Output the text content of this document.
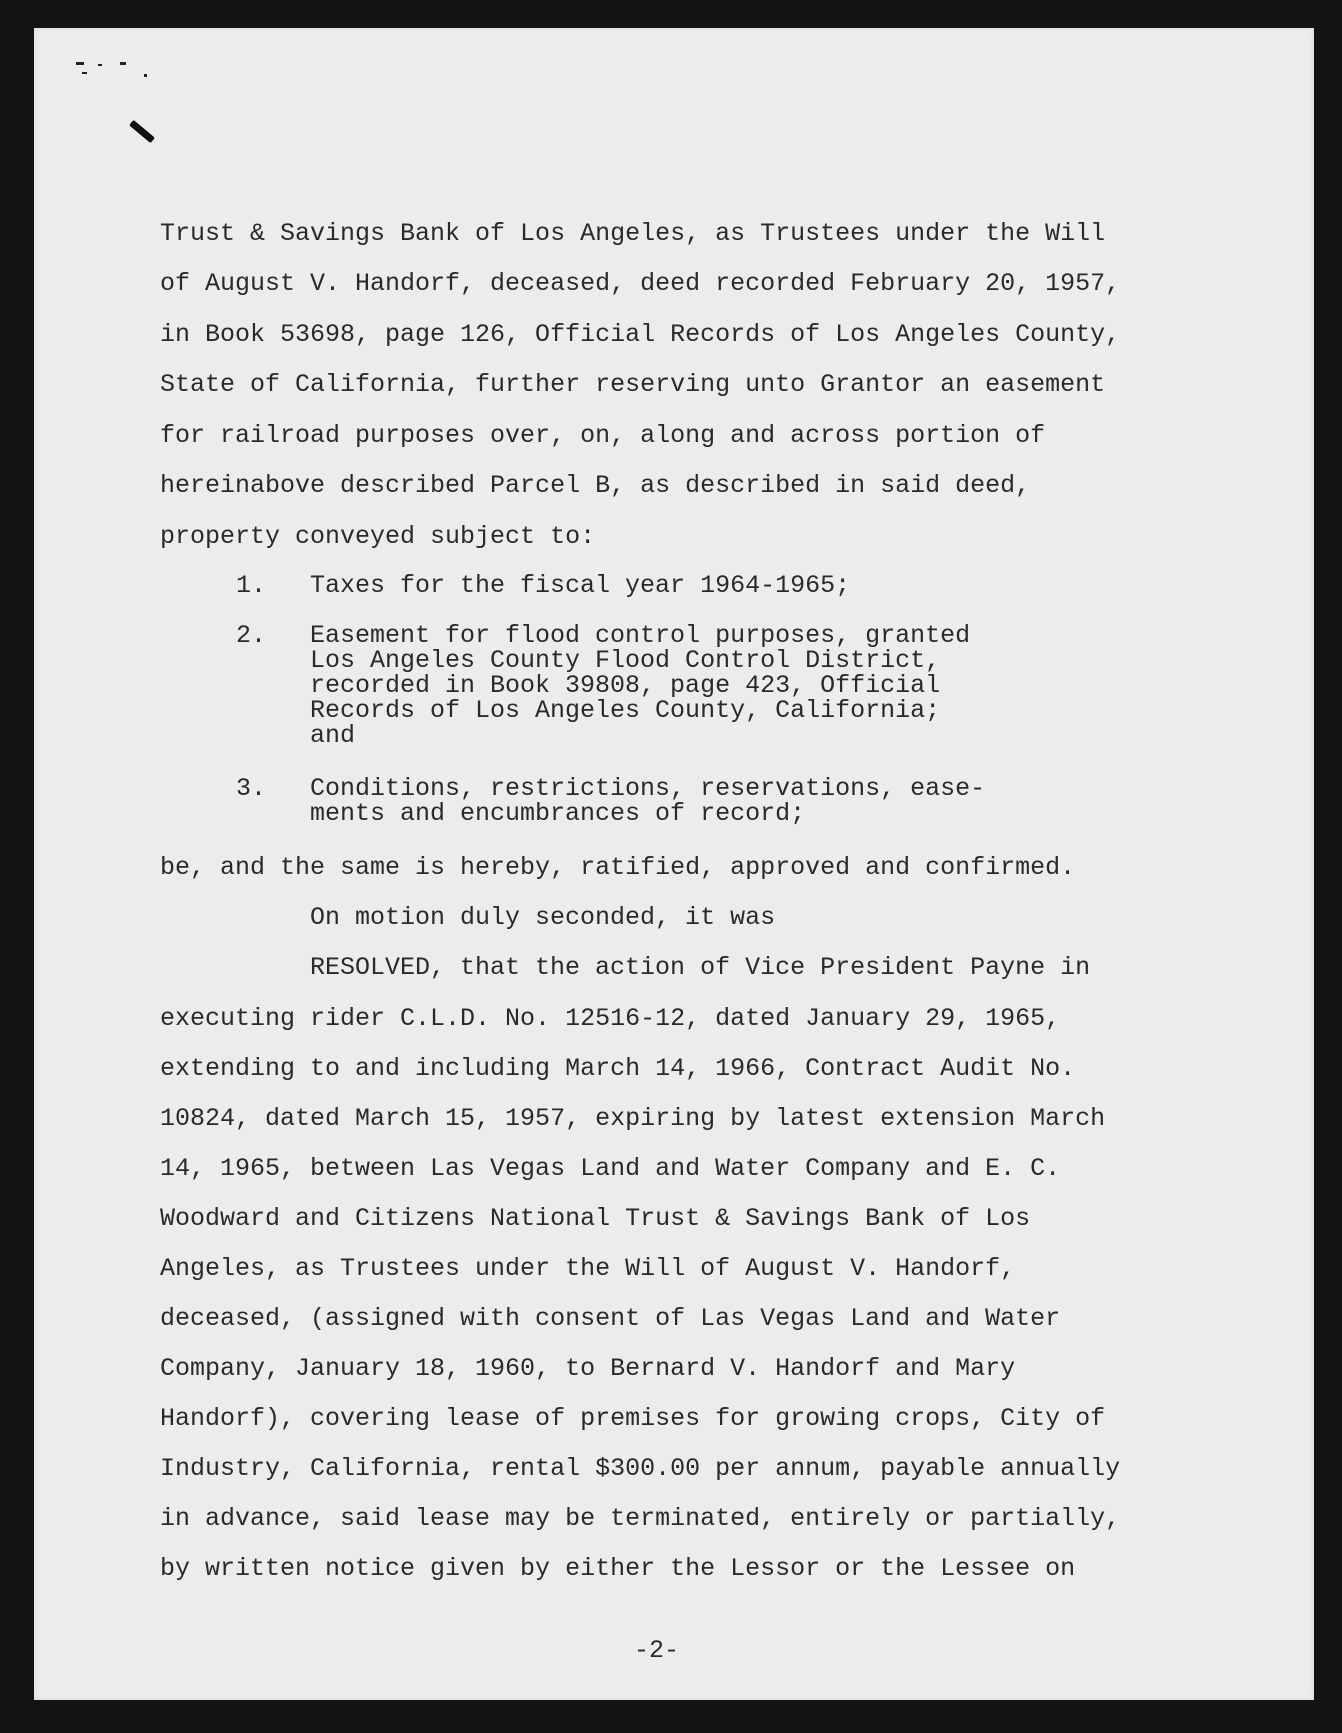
Trust & Savings Bank of Los Angeles, as Trustees under the Will
of August V. Handorf, deceased, deed recorded February 20, 1957,
in Book 53698, page 126, Official Records of Los Angeles County,
State of California, further reserving unto Grantor an easement
for railroad purposes over, on, along and across portion of
hereinabove described Parcel B, as described in said deed,
property conveyed subject to:
1. Taxes for the fiscal year 1964-1965;
2. Easement for flood control purposes, granted
Los Angeles County Flood Control District,
recorded in Book 39808, page 423, Official
Records of Los Angeles County, California;
and
3. Conditions, restrictions, reservations, ease-
ments and encumbrances of record;
be, and the same is hereby, ratified, approved and confirmed.
On motion duly seconded, it was
RESOLVED, that the action of Vice President Payne in
executing rider C.L.D. No. 12516-12, dated January 29, 1965,
extending to and including March 14, 1966, Contract Audit No.
10824, dated March 15, 1957, expiring by latest extension March
14, 1965, between Las Vegas Land and Water Company and E. C.
Woodward and Citizens National Trust & Savings Bank of Los
Angeles, as Trustees under the Will of August V. Handorf,
deceased, (assigned with consent of Las Vegas Land and Water
Company, January 18, 1960, to Bernard V. Handorf and Mary
Handorf), covering lease of premises for growing crops, City of
Industry, California, rental $300.00 per annum, payable annually
in advance, said lease may be terminated, entirely or partially,
by written notice given by either the Lessor or the Lessee on
-2-
